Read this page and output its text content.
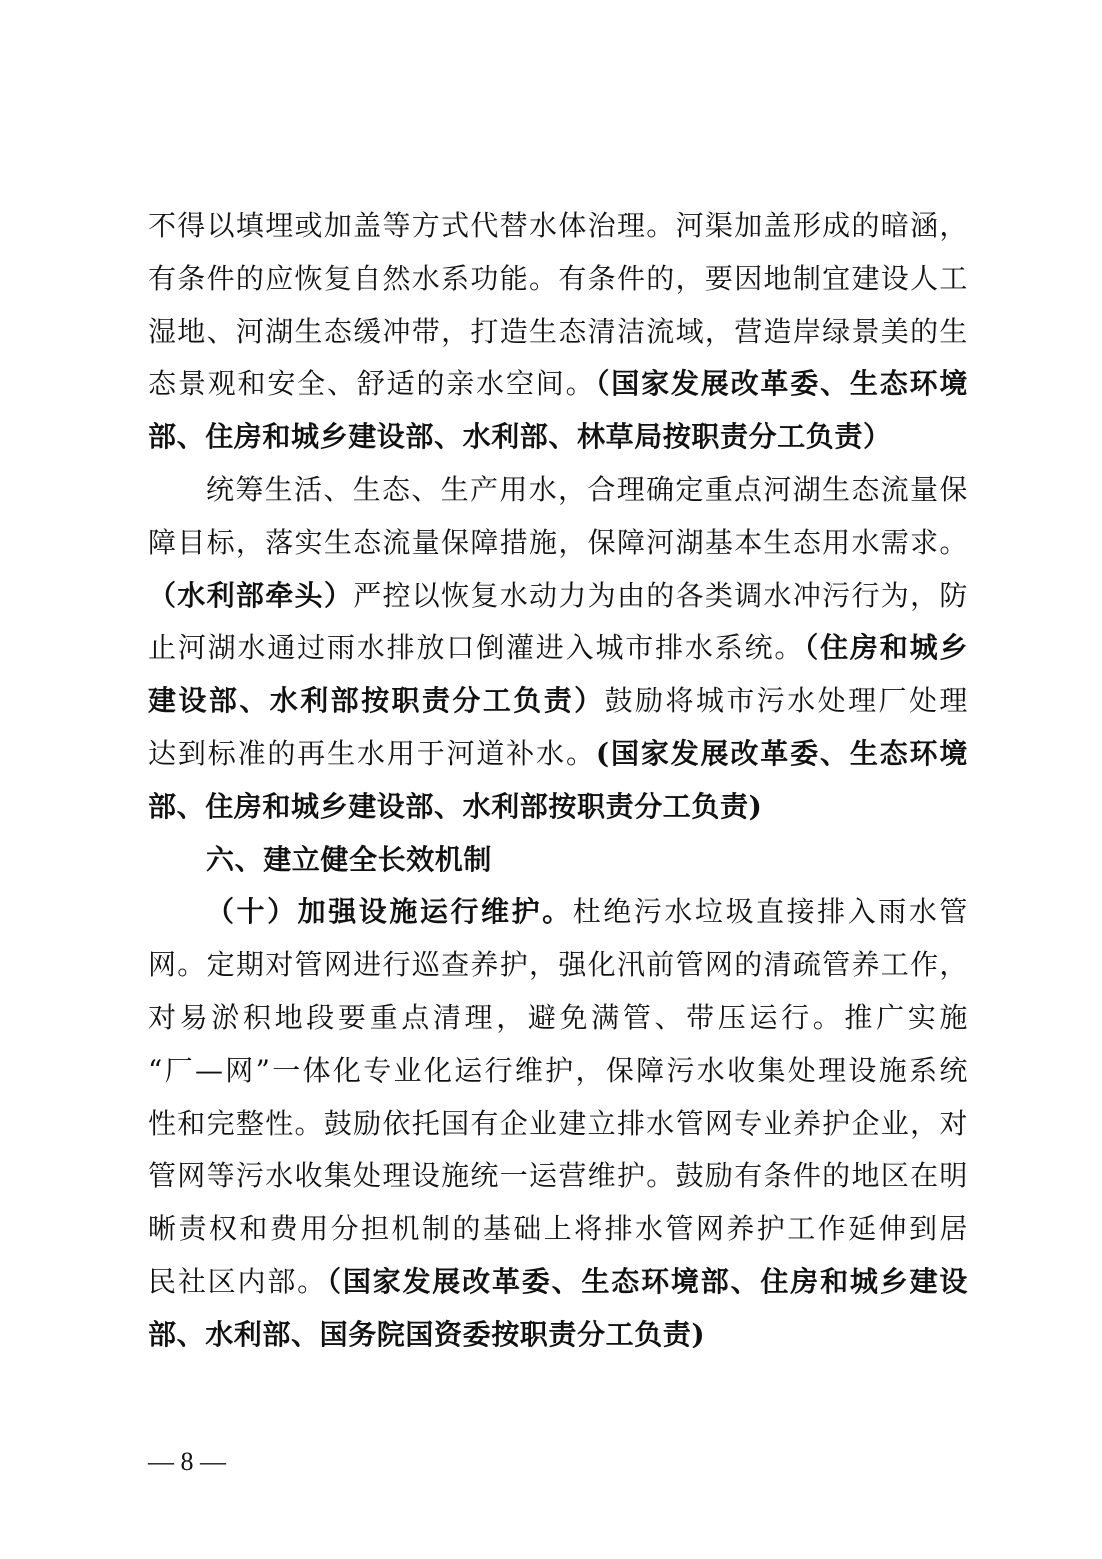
不得以填埋或加盖等方式代替水体治理。河渠加盖形成的暗涵，
有条件的应恢复自然水系功能。有条件的，要因地制宜建设人工
湿地、河湖生态缓冲带，打造生态清洁流域，营造岸绿景美的生
态景观和安全、舒适的亲水空间。（国家发展改革委、生态环境
部、住房和城乡建设部、水利部、林草局按职责分工负责）
统筹生活、生态、生产用水，合理确定重点河湖生态流量保
障目标，落实生态流量保障措施，保障河湖基本生态用水需求。
（水利部牵头）严控以恢复水动力为由的各类调水冲污行为，防
止河湖水通过雨水排放口倒灌进入城市排水系统。（住房和城乡
建设部、水利部按职责分工负责）鼓励将城市污水处理厂处理
达到标准的再生水用于河道补水。(国家发展改革委、生态环境
部、住房和城乡建设部、水利部按职责分工负责)
六、建立健全长效机制
（十）加强设施运行维护。杜绝污水垃圾直接排入雨水管
网。定期对管网进行巡查养护，强化汛前管网的清疏管养工作，
对易淤积地段要重点清理，避免满管、带压运行。推广实施
“厂—网”一体化专业化运行维护，保障污水收集处理设施系统
性和完整性。鼓励依托国有企业建立排水管网专业养护企业，对
管网等污水收集处理设施统一运营维护。鼓励有条件的地区在明
晰责权和费用分担机制的基础上将排水管网养护工作延伸到居
民社区内部。（国家发展改革委、生态环境部、住房和城乡建设
部、水利部、国务院国资委按职责分工负责)
— 8 —
